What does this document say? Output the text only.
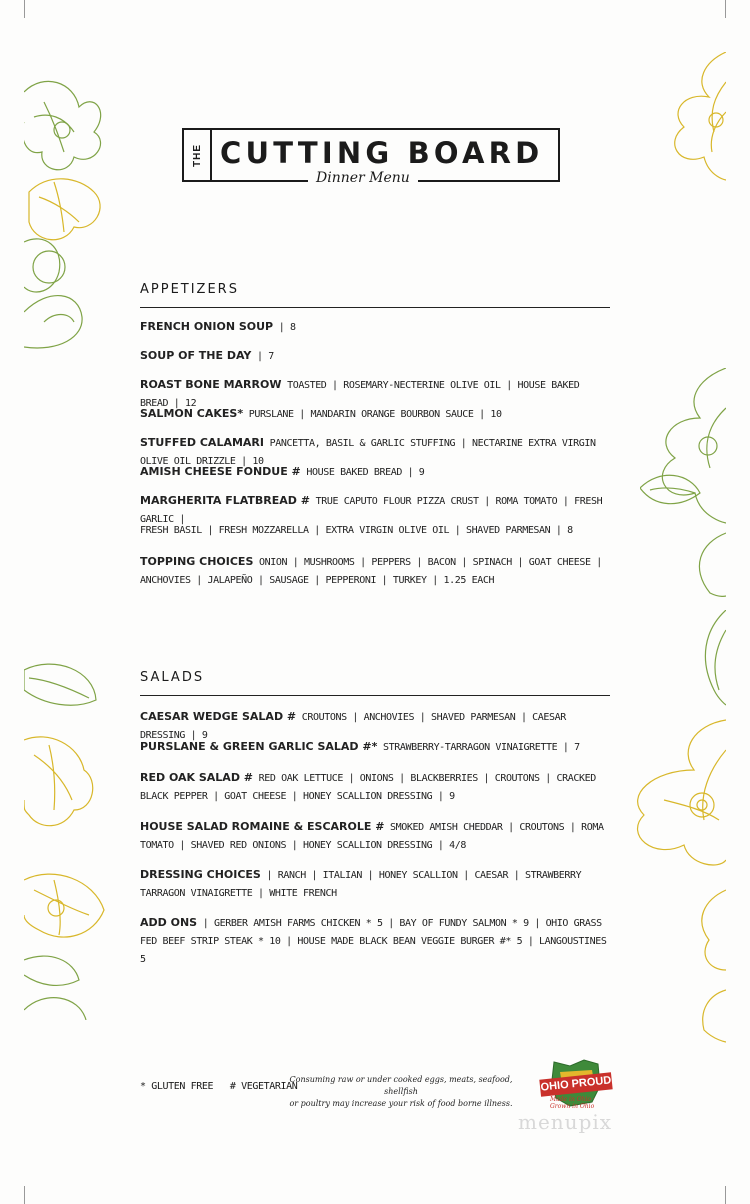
THE CUTTING BOARD
Dinner Menu
APPETIZERS
FRENCH ONION SOUP | 8
SOUP OF THE DAY | 7
ROAST BONE MARROW TOASTED | ROSEMARY-NECTERINE OLIVE OIL | HOUSE BAKED BREAD | 12
SALMON CAKES* PURSLANE | MANDARIN ORANGE BOURBON SAUCE | 10
STUFFED CALAMARI PANCETTA, BASIL & GARLIC STUFFING | NECTARINE EXTRA VIRGIN OLIVE OIL DRIZZLE | 10
AMISH CHEESE FONDUE # HOUSE BAKED BREAD | 9
MARGHERITA FLATBREAD # TRUE CAPUTO FLOUR PIZZA CRUST | ROMA TOMATO | FRESH GARLIC |
FRESH BASIL | FRESH MOZZARELLA | EXTRA VIRGIN OLIVE OIL | SHAVED PARMESAN | 8
TOPPING CHOICES ONION | MUSHROOMS | PEPPERS | BACON | SPINACH | GOAT CHEESE | ANCHOVIES | JALAPEÑO | SAUSAGE | PEPPERONI | TURKEY | 1.25 EACH
SALADS
CAESAR WEDGE SALAD # CROUTONS | ANCHOVIES | SHAVED PARMESAN | CAESAR DRESSING | 9
PURSLANE & GREEN GARLIC SALAD #* STRAWBERRY-TARRAGON VINAIGRETTE | 7
RED OAK SALAD # RED OAK LETTUCE | ONIONS | BLACKBERRIES | CROUTONS | CRACKED BLACK PEPPER | GOAT CHEESE | HONEY SCALLION DRESSING | 9
HOUSE SALAD ROMAINE & ESCAROLE # SMOKED AMISH CHEDDAR | CROUTONS | ROMA TOMATO | SHAVED RED ONIONS | HONEY SCALLION DRESSING | 4/8
DRESSING CHOICES | RANCH | ITALIAN | HONEY SCALLION | CAESAR | STRAWBERRY TARRAGON VINAIGRETTE | WHITE FRENCH
ADD ONS | GERBER AMISH FARMS CHICKEN * 5 | BAY OF FUNDY SALMON * 9 | OHIO GRASS FED BEEF STRIP STEAK * 10 | HOUSE MADE BLACK BEAN VEGGIE BURGER #* 5 | LANGOUSTINES 5
* GLUTEN FREE   # VEGETARIAN
Consuming raw or under cooked eggs, meats, seafood, shellfish
or poultry may increase your risk of food borne illness.
OHIO PROUD
Made in Ohio · Grown in Ohio
menupix
